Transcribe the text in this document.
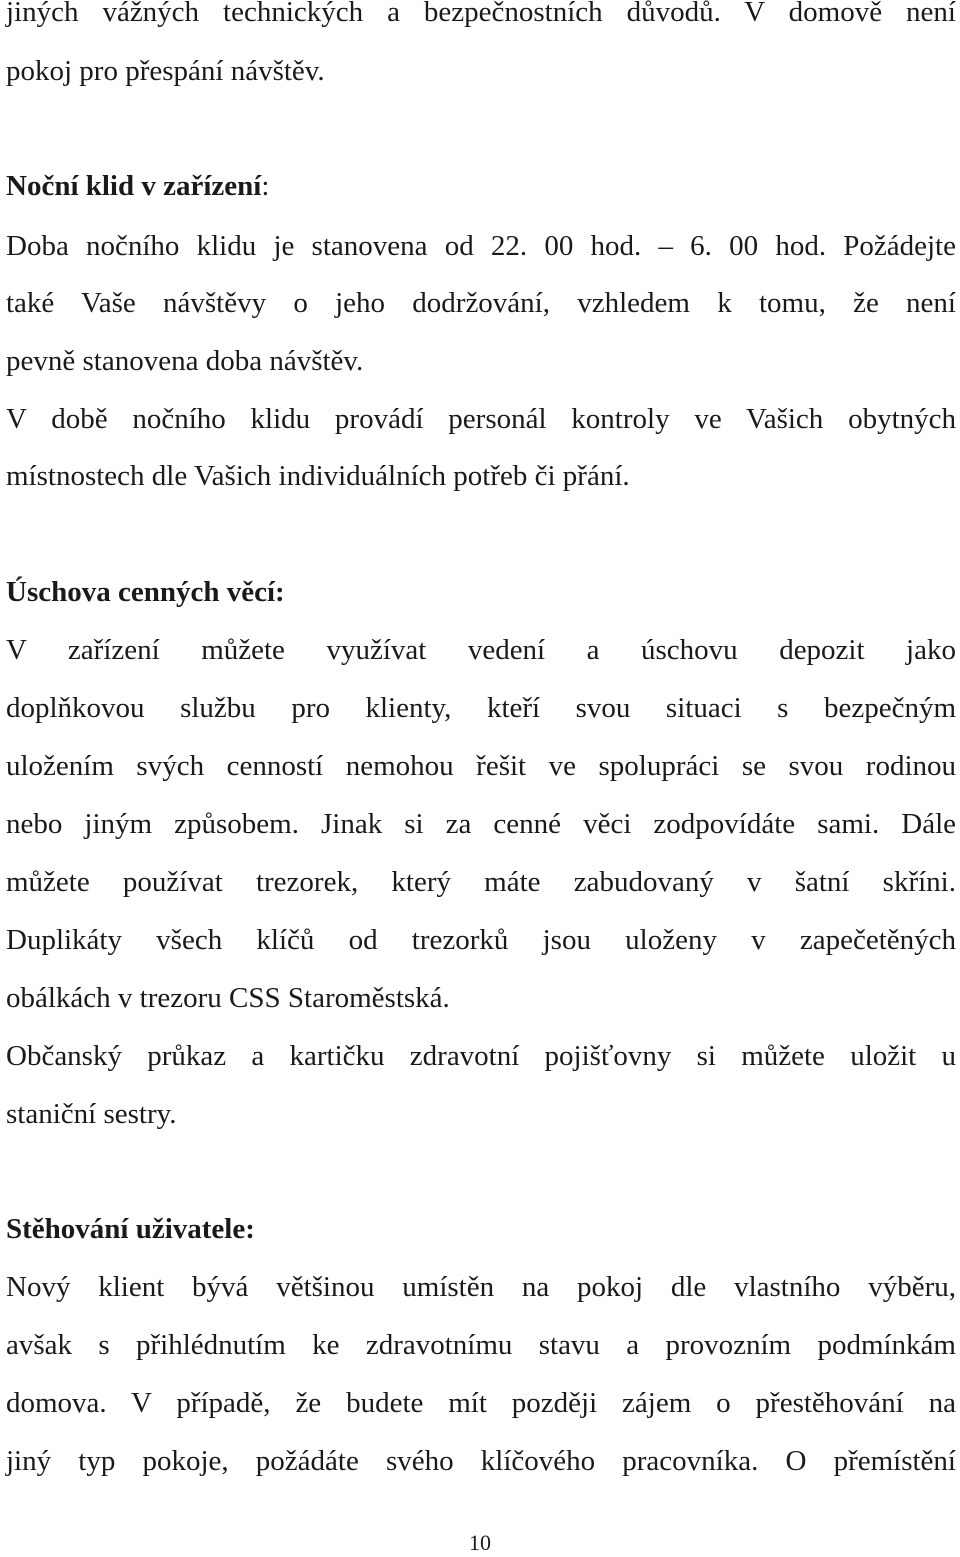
jiných vážných technických a bezpečnostních důvodů. V domově není
pokoj pro přespání návštěv.
Noční klid v zařízení:
Doba nočního klidu je stanovena od 22. 00 hod. – 6. 00 hod. Požádejte
také Vaše návštěvy o jeho dodržování, vzhledem k tomu, že není
pevně stanovena doba návštěv.
V době nočního klidu provádí personál kontroly ve Vašich obytných
místnostech dle Vašich individuálních potřeb či přání.
Úschova cenných věcí:
V zařízení můžete využívat vedení a úschovu depozit jako
doplňkovou službu pro klienty, kteří svou situaci s bezpečným
uložením svých cenností nemohou řešit ve spolupráci se svou rodinou
nebo jiným způsobem. Jinak si za cenné věci zodpovídáte sami. Dále
můžete používat trezorek, který máte zabudovaný v šatní skříni.
Duplikáty všech klíčů od trezorků jsou uloženy v zapečetěných
obálkách v trezoru CSS Staroměstská.
Občanský průkaz a kartičku zdravotní pojišťovny si můžete uložit u
staniční sestry.
Stěhování uživatele:
Nový klient bývá většinou umístěn na pokoj dle vlastního výběru,
avšak s přihlédnutím ke zdravotnímu stavu a provozním podmínkám
domova. V případě, že budete mít později zájem o přestěhování na
jiný typ pokoje, požádáte svého klíčového pracovníka. O přemístění
10
